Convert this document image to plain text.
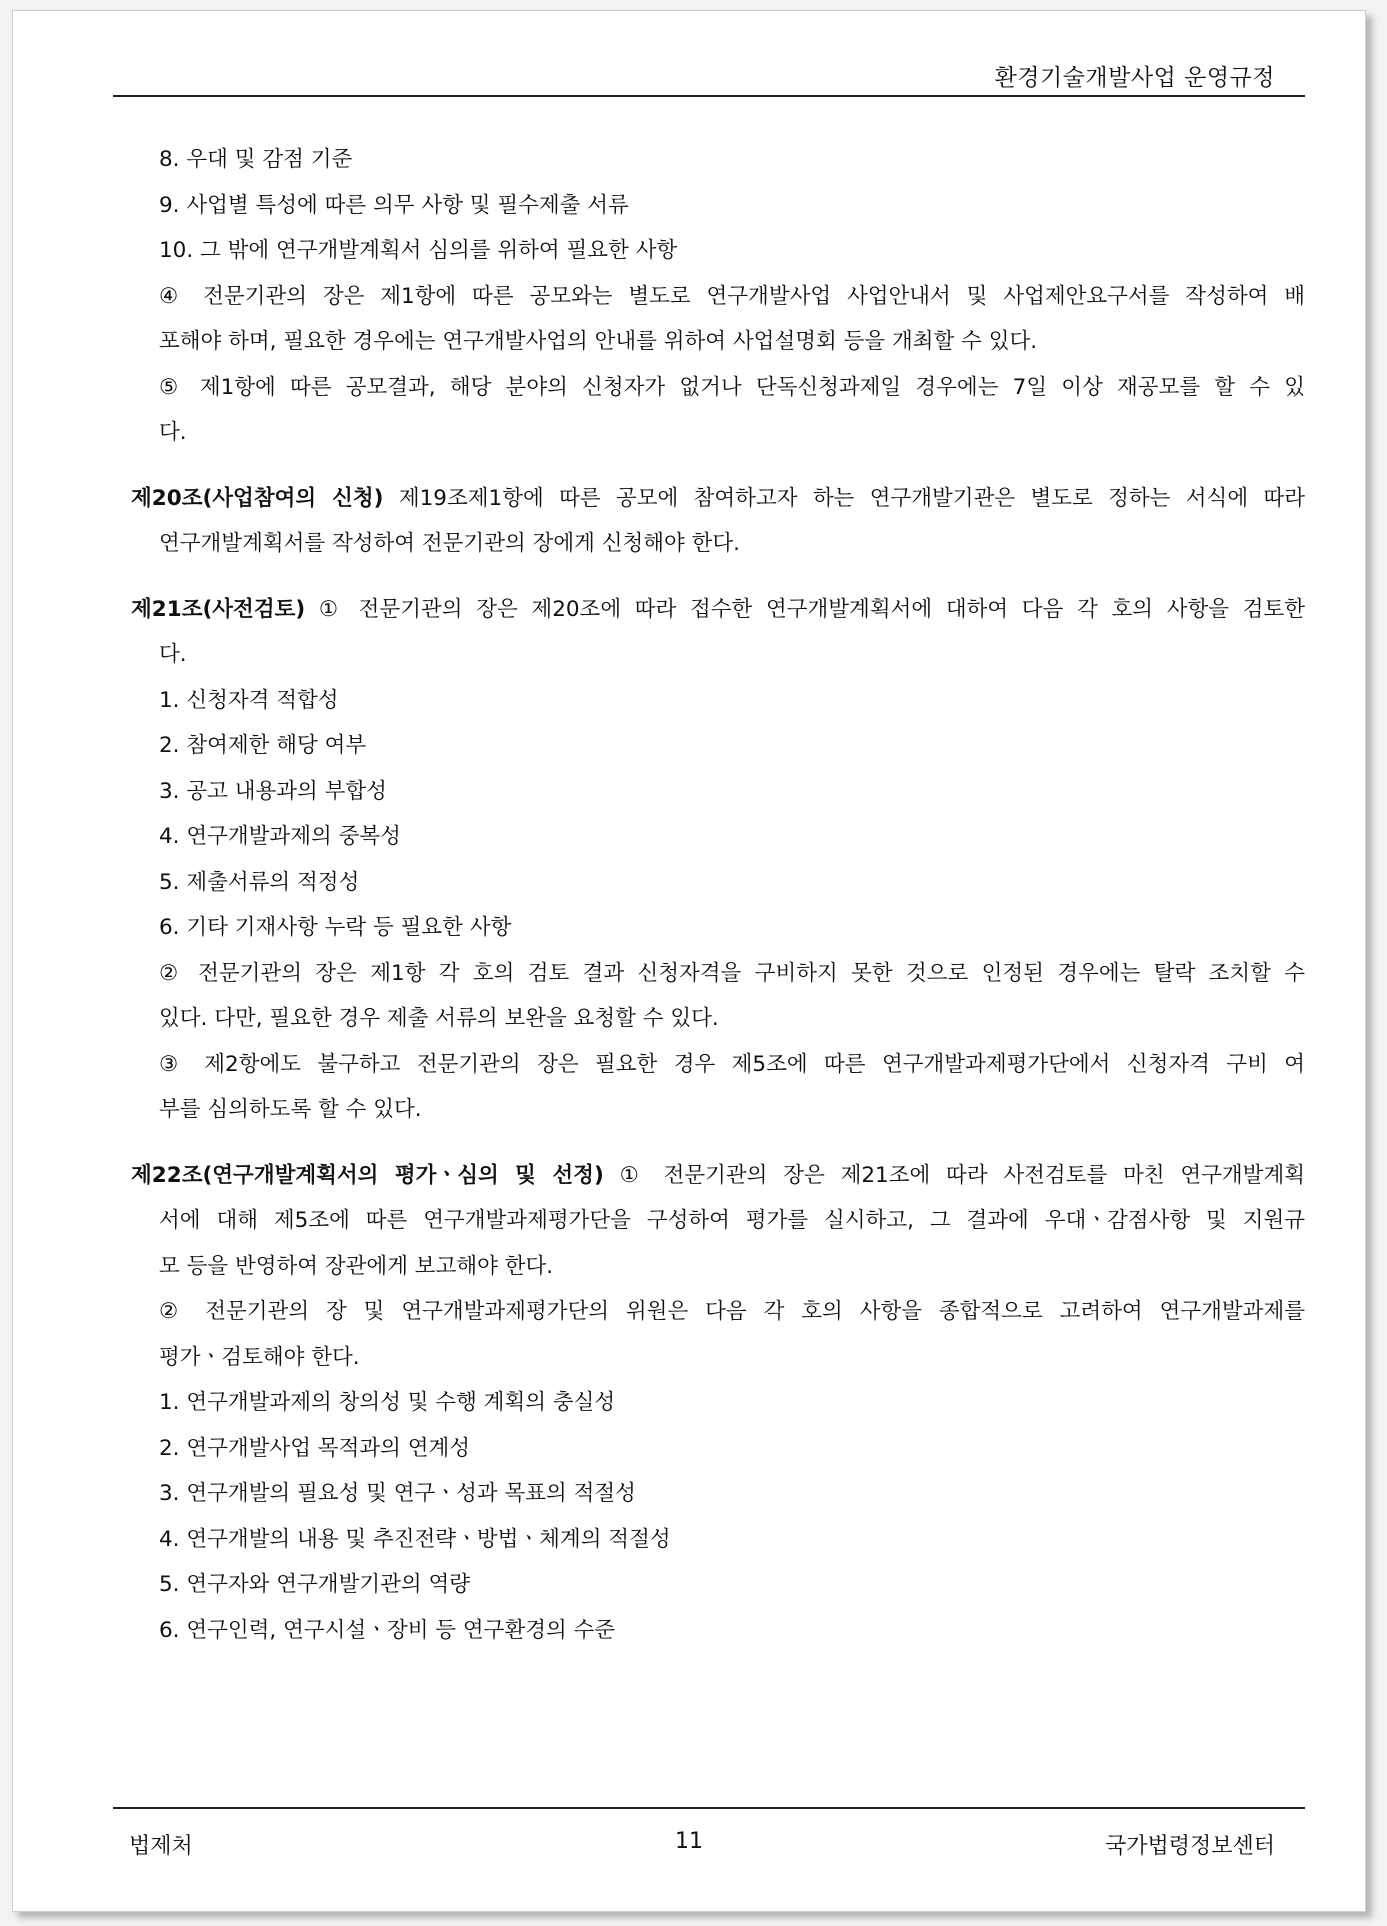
환경기술개발사업 운영규정
8. 우대 및 감점 기준
9. 사업별 특성에 따른 의무 사항 및 필수제출 서류
10. 그 밖에 연구개발계획서 심의를 위하여 필요한 사항
④ 전문기관의 장은 제1항에 따른 공모와는 별도로 연구개발사업 사업안내서 및 사업제안요구서를 작성하여 배
포해야 하며, 필요한 경우에는 연구개발사업의 안내를 위하여 사업설명회 등을 개최할 수 있다.
⑤ 제1항에 따른 공모결과, 해당 분야의 신청자가 없거나 단독신청과제일 경우에는 7일 이상 재공모를 할 수 있
다.
제20조(사업참여의 신청) 제19조제1항에 따른 공모에 참여하고자 하는 연구개발기관은 별도로 정하는 서식에 따라
연구개발계획서를 작성하여 전문기관의 장에게 신청해야 한다.
제21조(사전검토) ① 전문기관의 장은 제20조에 따라 접수한 연구개발계획서에 대하여 다음 각 호의 사항을 검토한
다.
1. 신청자격 적합성
2. 참여제한 해당 여부
3. 공고 내용과의 부합성
4. 연구개발과제의 중복성
5. 제출서류의 적정성
6. 기타 기재사항 누락 등 필요한 사항
② 전문기관의 장은 제1항 각 호의 검토 결과 신청자격을 구비하지 못한 것으로 인정된 경우에는 탈락 조치할 수
있다. 다만, 필요한 경우 제출 서류의 보완을 요청할 수 있다.
③ 제2항에도 불구하고 전문기관의 장은 필요한 경우 제5조에 따른 연구개발과제평가단에서 신청자격 구비 여
부를 심의하도록 할 수 있다.
제22조(연구개발계획서의 평가ㆍ심의 및 선정) ① 전문기관의 장은 제21조에 따라 사전검토를 마친 연구개발계획
서에 대해 제5조에 따른 연구개발과제평가단을 구성하여 평가를 실시하고, 그 결과에 우대ㆍ감점사항 및 지원규
모 등을 반영하여 장관에게 보고해야 한다.
② 전문기관의 장 및 연구개발과제평가단의 위원은 다음 각 호의 사항을 종합적으로 고려하여 연구개발과제를
평가ㆍ검토해야 한다.
1. 연구개발과제의 창의성 및 수행 계획의 충실성
2. 연구개발사업 목적과의 연계성
3. 연구개발의 필요성 및 연구ㆍ성과 목표의 적절성
4. 연구개발의 내용 및 추진전략ㆍ방법ㆍ체계의 적절성
5. 연구자와 연구개발기관의 역량
6. 연구인력, 연구시설ㆍ장비 등 연구환경의 수준
법제처	11	국가법령정보센터
